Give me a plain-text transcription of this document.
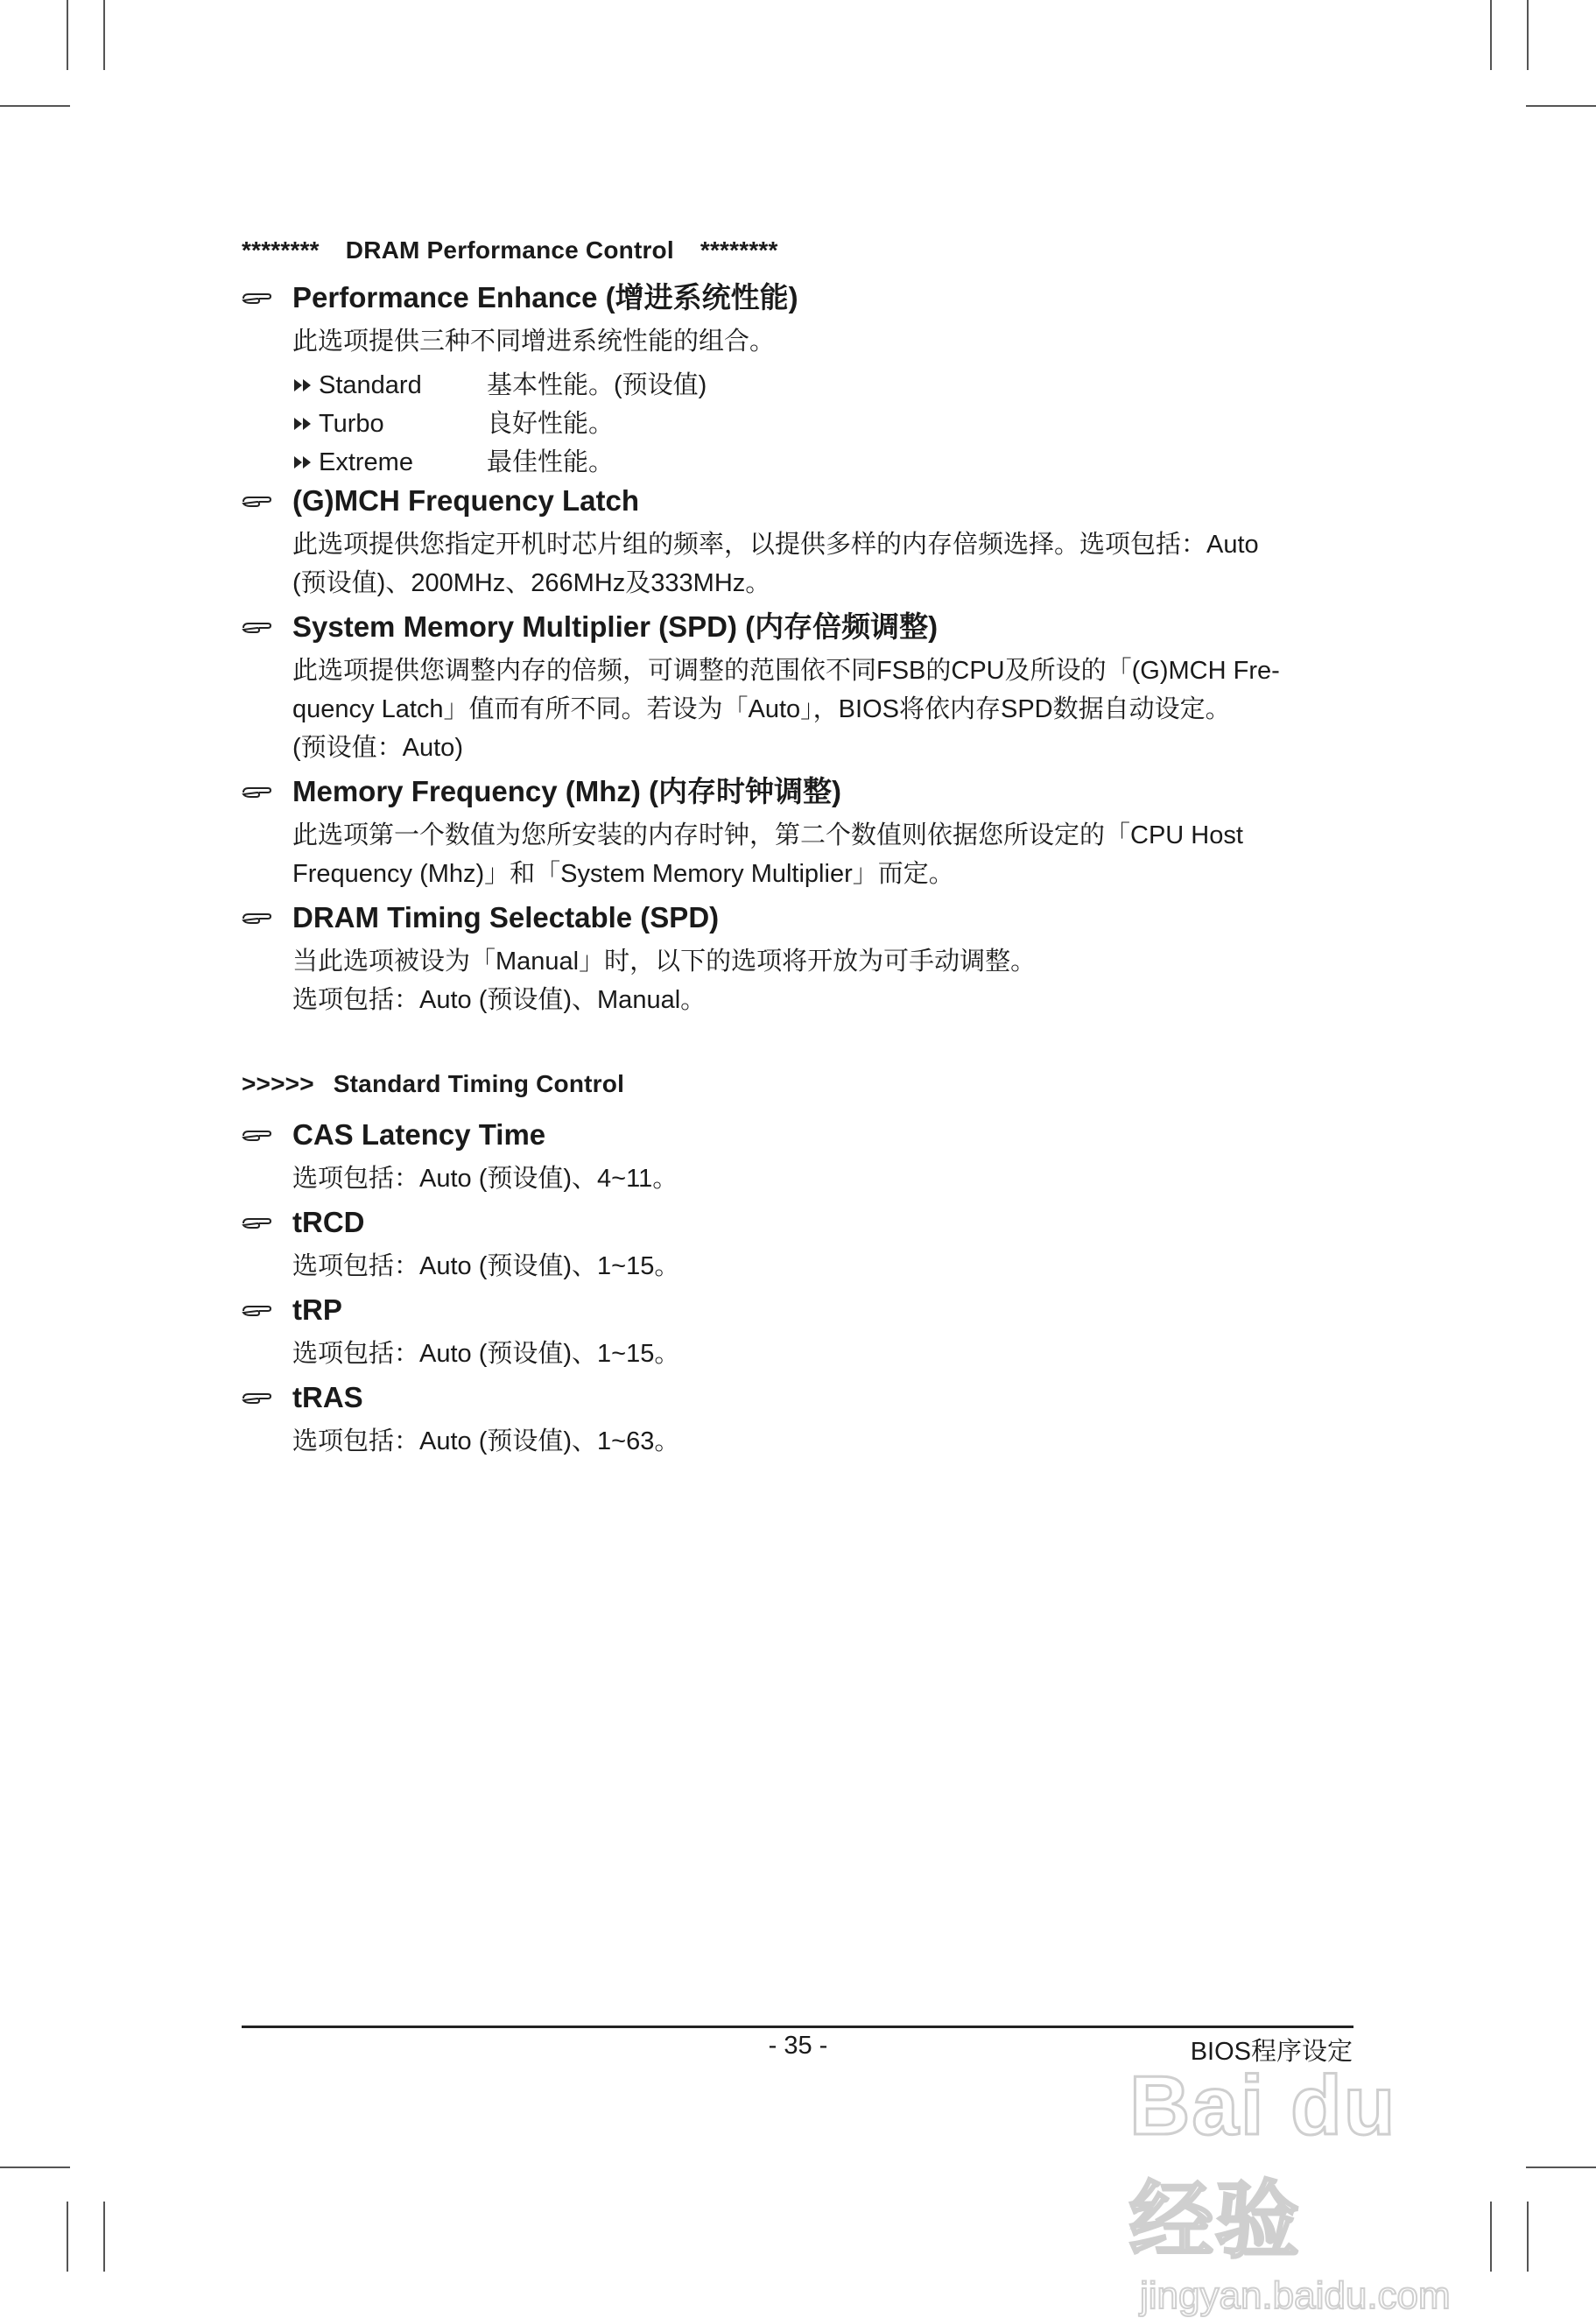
******** DRAM Performance Control ********
Performance Enhance (增进系统性能)

此选项提供三种不同增进系统性能的组合。

Standard	基本性能。(预设值)
Turbo	良好性能。
Extreme	最佳性能。
(G)MCH Frequency Latch

此选项提供您指定开机时芯片组的频率，以提供多样的内存倍频选择。选项包括：Auto

(预设值)、200MHz、266MHz及333MHz。

System Memory Multiplier (SPD) (内存倍频调整)

此选项提供您调整内存的倍频，可调整的范围依不同FSB的CPU及所设的「(G)MCH Fre-

quency Latch」值而有所不同。若设为「Auto」，BIOS将依内存SPD数据自动设定。

(预设值：Auto)

Memory Frequency (Mhz) (内存时钟调整)

此选项第一个数值为您所安装的内存时钟，第二个数值则依据您所设定的「CPU Host

Frequency (Mhz)」和「System Memory Multiplier」而定。

DRAM Timing Selectable (SPD)

当此选项被设为「Manual」时，以下的选项将开放为可手动调整。

选项包括：Auto (预设值)、Manual。

>>>>> Standard Timing Control
CAS Latency Time

选项包括：Auto (预设值)、4~11。

tRCD

选项包括：Auto (预设值)、1~15。

tRP

选项包括：Auto (预设值)、1~15。

tRAS

选项包括：Auto (预设值)、1~63。

- 35 -	BIOS程序设定
Bai du 经验
jingyan.baidu.com
